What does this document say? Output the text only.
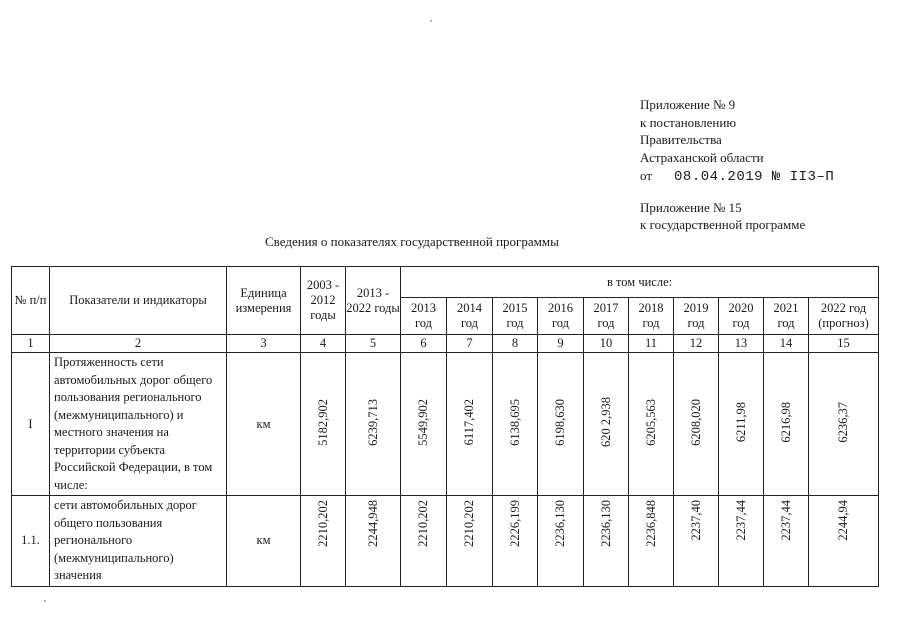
Приложение № 9
к постановлению
Правительства
Астраханской области
от 08.04.2019 № II3–П
Приложение № 15
к государственной программе
Сведения о показателях государственной программы
№ п/п	Показатели и индикаторы	Единица измерения	2003 - 2012 годы	2013 - 2022 годы	в том числе:									
					2013 год	2014 год	2015 год	2016 год	2017 год	2018 год	2019 год	2020 год	2021 год	2022 год (прогноз)
1	2	3	4	5	6	7	8	9	10	11	12	13	14	15
I	Протяженность сети автомобильных дорог общего пользования регионального (межмуниципального) и местного значения на территории субъекта Российской Федерации, в том числе:	км	5182,902	6239,713	5549,902	6117,402	6138,695	6198,630	620 2,938	6205,563	6208,020	6211,98	6216,98	6236,37
1.1.	сети автомобильных дорог общего пользования регионального (межмуниципального) значения	км	2210,202	2244,948	2210,202	2210,202	2226,199	2236,130	2236,130	2236,848	2237,40	2237,44	2237,44	2244,94
